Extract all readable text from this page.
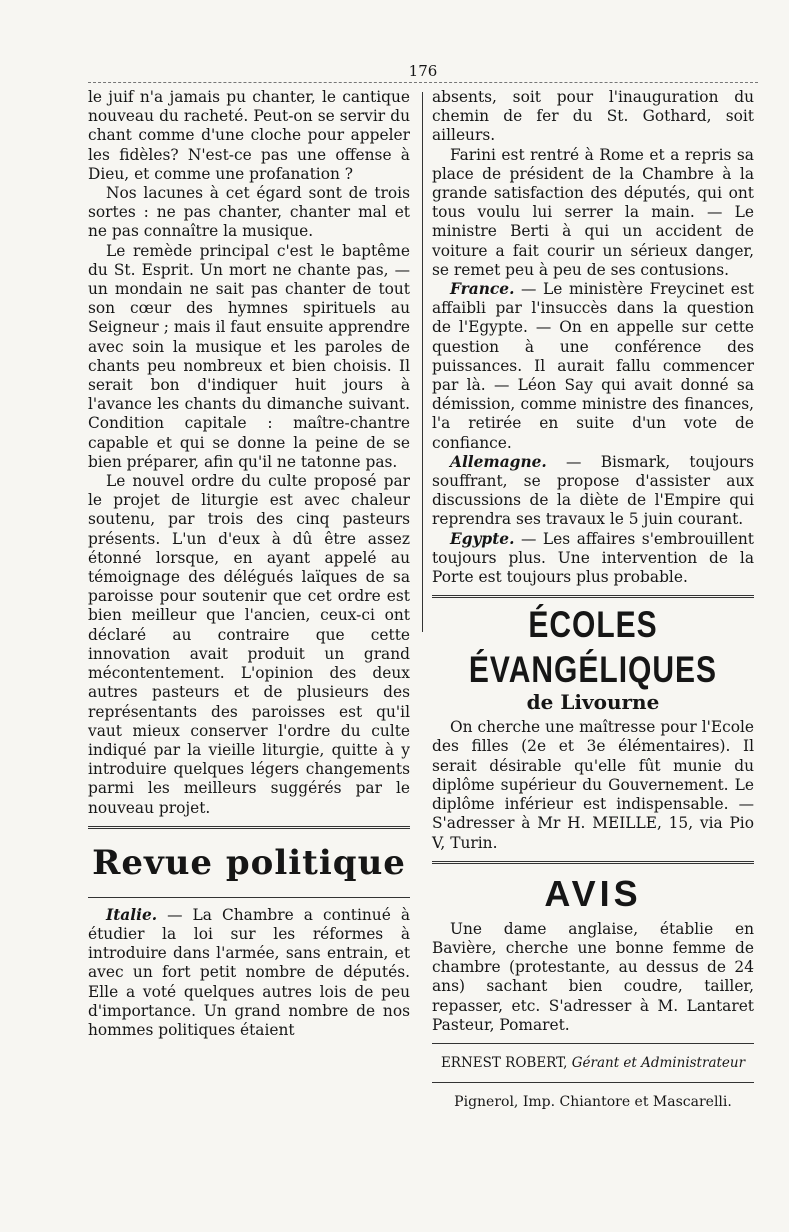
176

le juif n'a jamais pu chanter, le cantique nouveau du racheté. Peut-on se servir du chant comme d'une cloche pour appeler les fidèles? N'est-ce pas une offense à Dieu, et comme une profanation ?

Nos lacunes à cet égard sont de trois sortes : ne pas chanter, chanter mal et ne pas connaître la musique.

Le remède principal c'est le baptême du St. Esprit. Un mort ne chante pas, — un mondain ne sait pas chanter de tout son cœur des hymnes spirituels au Seigneur ; mais il faut ensuite apprendre avec soin la musique et les paroles de chants peu nombreux et bien choisis. Il serait bon d'indiquer huit jours à l'avance les chants du dimanche suivant. Condition capitale : maître-chantre capable et qui se donne la peine de se bien préparer, afin qu'il ne tatonne pas.

Le nouvel ordre du culte proposé par le projet de liturgie est avec chaleur soutenu, par trois des cinq pasteurs présents. L'un d'eux à dû être assez étonné lorsque, en ayant appelé au témoignage des délégués laïques de sa paroisse pour soutenir que cet ordre est bien meilleur que l'ancien, ceux-ci ont déclaré au contraire que cette innovation avait produit un grand mécontentement. L'opinion des deux autres pasteurs et de plusieurs des représentants des paroisses est qu'il vaut mieux conserver l'ordre du culte indiqué par la vieille liturgie, quitte à y introduire quelques légers changements parmi les meilleurs suggérés par le nouveau projet.

Revue politique

Italie. — La Chambre a continué à étudier la loi sur les réformes à introduire dans l'armée, sans entrain, et avec un fort petit nombre de députés. Elle a voté quelques autres lois de peu d'importance. Un grand nombre de nos hommes politiques étaient

absents, soit pour l'inauguration du chemin de fer du St. Gothard, soit ailleurs.

Farini est rentré à Rome et a repris sa place de président de la Chambre à la grande satisfaction des députés, qui ont tous voulu lui serrer la main. — Le ministre Berti à qui un accident de voiture a fait courir un sérieux danger, se remet peu à peu de ses contusions.

France. — Le ministère Freycinet est affaibli par l'insuccès dans la question de l'Egypte. — On en appelle sur cette question à une conférence des puissances. Il aurait fallu commencer par là. — Léon Say qui avait donné sa démission, comme ministre des finances, l'a retirée en suite d'un vote de confiance.

Allemagne. — Bismark, toujours souffrant, se propose d'assister aux discussions de la diète de l'Empire qui reprendra ses travaux le 5 juin courant.

Egypte. — Les affaires s'embrouillent toujours plus. Une intervention de la Porte est toujours plus probable.

ÉCOLES ÉVANGÉLIQUES
de Livourne

On cherche une maîtresse pour l'Ecole des filles (2e et 3e élémentaires). Il serait désirable qu'elle fût munie du diplôme supérieur du Gouvernement. Le diplôme inférieur est indispensable. — S'adresser à Mr H. MEILLE, 15, via Pio V, Turin.

AVIS

Une dame anglaise, établie en Bavière, cherche une bonne femme de chambre (protestante, au dessus de 24 ans) sachant bien coudre, tailler, repasser, etc. S'adresser à M. Lantaret Pasteur, Pomaret.

ERNEST ROBERT, Gérant et Administrateur
Pignerol, Imp. Chiantore et Mascarelli.
